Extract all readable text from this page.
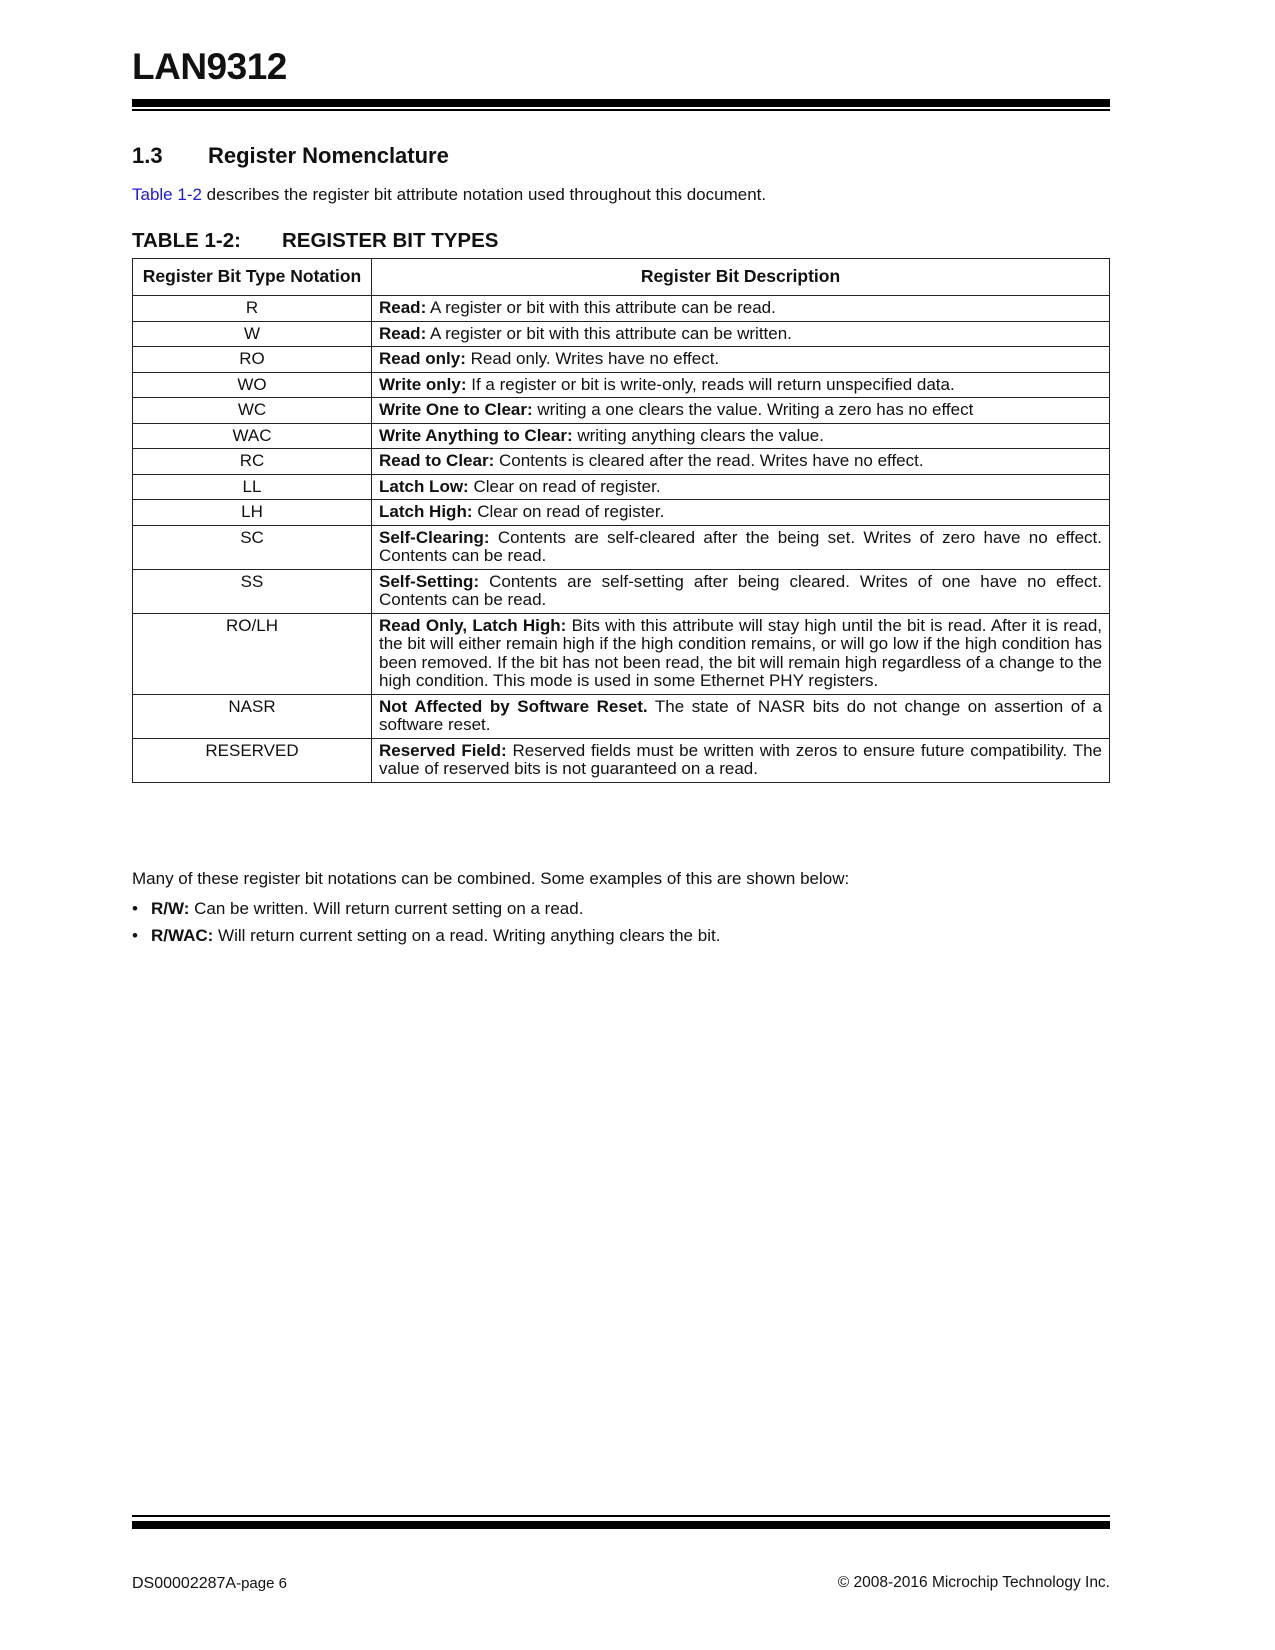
LAN9312
1.3 Register Nomenclature

Table 1-2 describes the register bit attribute notation used throughout this document.

TABLE 1-2: REGISTER BIT TYPES

Register Bit Type Notation	Register Bit Description
R	Read: A register or bit with this attribute can be read.
W	Read: A register or bit with this attribute can be written.
RO	Read only: Read only. Writes have no effect.
WO	Write only: If a register or bit is write-only, reads will return unspecified data.
WC	Write One to Clear: writing a one clears the value. Writing a zero has no effect
WAC	Write Anything to Clear: writing anything clears the value.
RC	Read to Clear: Contents is cleared after the read. Writes have no effect.
LL	Latch Low: Clear on read of register.
LH	Latch High: Clear on read of register.
SC	Self-Clearing: Contents are self-cleared after the being set. Writes of zero have no effect. Contents can be read.
SS	Self-Setting: Contents are self-setting after being cleared. Writes of one have no effect. Contents can be read.
RO/LH	Read Only, Latch High: Bits with this attribute will stay high until the bit is read. After it is read, the bit will either remain high if the high condition remains, or will go low if the high condition has been removed. If the bit has not been read, the bit will remain high regardless of a change to the high condition. This mode is used in some Ethernet PHY registers.
NASR	Not Affected by Software Reset. The state of NASR bits do not change on assertion of a software reset.
RESERVED	Reserved Field: Reserved fields must be written with zeros to ensure future compatibility. The value of reserved bits is not guaranteed on a read.

Many of these register bit notations can be combined. Some examples of this are shown below:

• R/W: Can be written. Will return current setting on a read.
• R/WAC: Will return current setting on a read. Writing anything clears the bit.

DS00002287A-page 6	© 2008-2016 Microchip Technology Inc.
